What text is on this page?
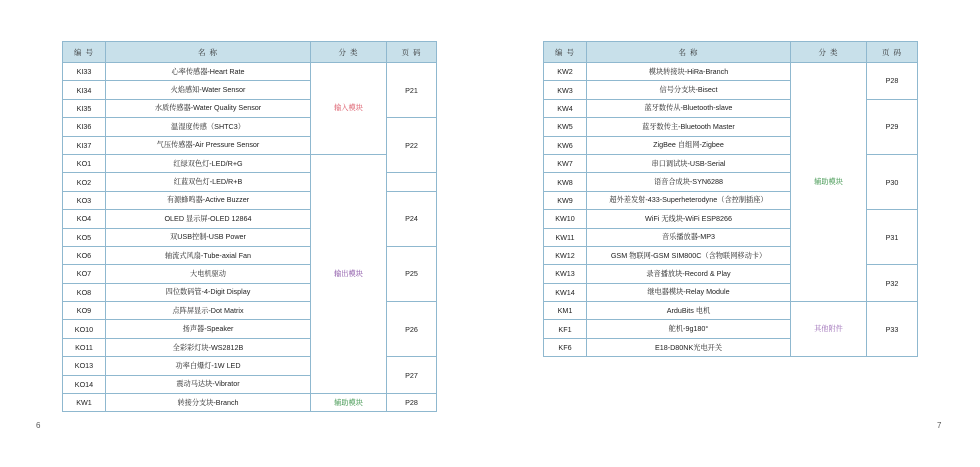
编 号	名 称	分 类	页 码	
KI33	心率传感器-Heart Rate	输入模块	P21	
KI34	火焰感知-Water Sensor			
KI35	水质传感器-Water Quality Sensor			
KI36	温湿度传感（SHTC3）		P22	
KI37	气压传感器-Air Pressure Sensor			
KO1	红绿双色灯-LED/R+G	输出模块	
KO2	红蓝双色灯-LED/R+B			
KO3	有源蜂鸣器-Active Buzzer		P24	
KO4	OLED 显示屏-OLED 12864			
KO5	双USB控制-USB Power			
KO6	轴流式风扇-Tube-axial Fan		P25	
KO7	大电机驱动			
KO8	四位数码管-4-Digit Display			
KO9	点阵屏显示-Dot Matrix		P26	
KO10	扬声器-Speaker			
KO11	全彩彩灯块-WS2812B			
KO13	功率白爆灯-1W LED		P27	
KO14	震动马达块-Vibrator			
KW1	转接分支块-Branch	辅助模块	P28	
编 号	名 称	分 类	页 码
KW2	模块转接块-HiRa-Branch	辅助模块	P28
KW3	信号分支块-Bisect		
KW4	蓝牙数传从-Bluetooth-slave		P29
KW5	蓝牙数传主-Bluetooth Master		
KW6	ZigBee 自组网-Zigbee		
KW7	串口调试块-USB-Serial		P30
KW8	语音合成块-SYN6288		
KW9	超外差发射-433-Superheterodyne（含控制插座）		
KW10	WiFi 无线块-WiFi ESP8266		P31
KW11	音乐播放器-MP3		
KW12	GSM 物联网-GSM SIM800C（含物联网移动卡）		
KW13	录音播放块-Record & Play		P32
KW14	继电器模块-Relay Module		
KM1	ArduBits 电机	其他附件	P33
KF1	舵机-9g180°		
KF6	E18-D80NK光电开关		
6	7
